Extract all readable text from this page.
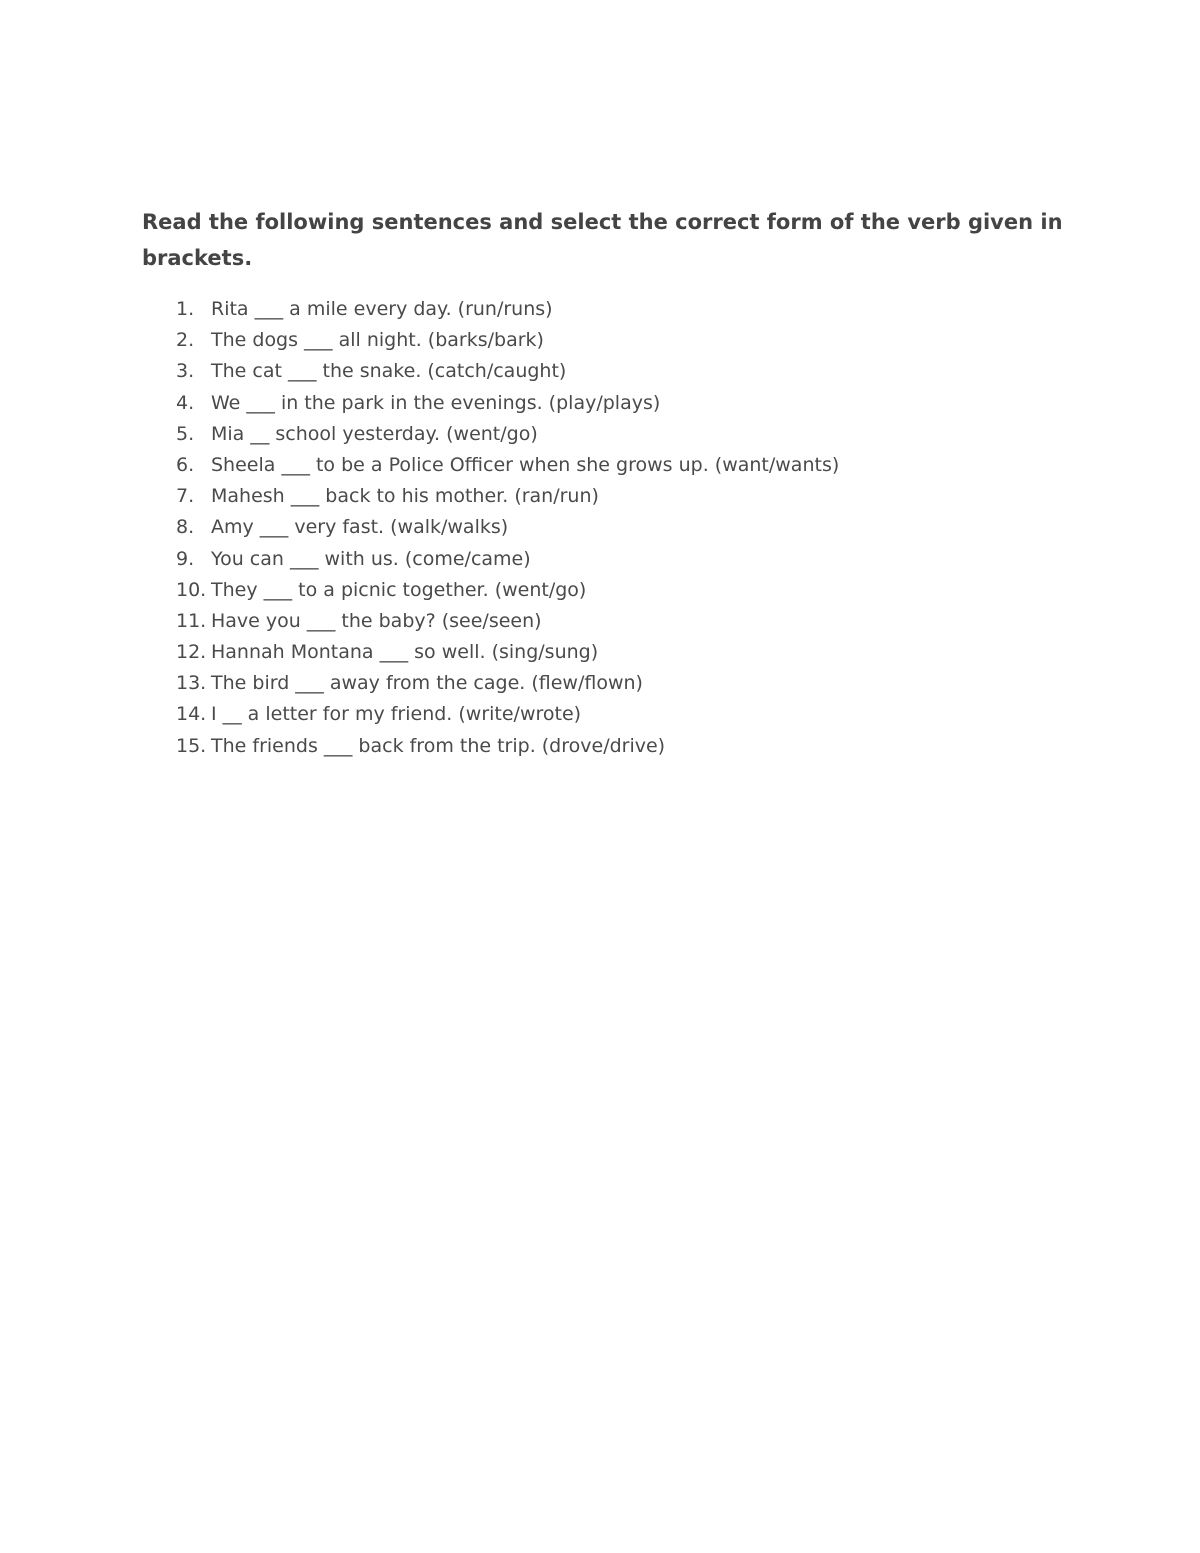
Read the following sentences and select the correct form of the verb given in brackets.

1. Rita ___ a mile every day. (run/runs)
2. The dogs ___ all night. (barks/bark)
3. The cat ___ the snake. (catch/caught)
4. We ___ in the park in the evenings. (play/plays)
5. Mia __ school yesterday. (went/go)
6. Sheela ___ to be a Police Officer when she grows up. (want/wants)
7. Mahesh ___ back to his mother. (ran/run)
8. Amy ___ very fast. (walk/walks)
9. You can ___ with us. (come/came)
10. They ___ to a picnic together. (went/go)
11. Have you ___ the baby? (see/seen)
12. Hannah Montana ___ so well. (sing/sung)
13. The bird ___ away from the cage. (flew/flown)
14. I __ a letter for my friend. (write/wrote)
15. The friends ___ back from the trip. (drove/drive)
